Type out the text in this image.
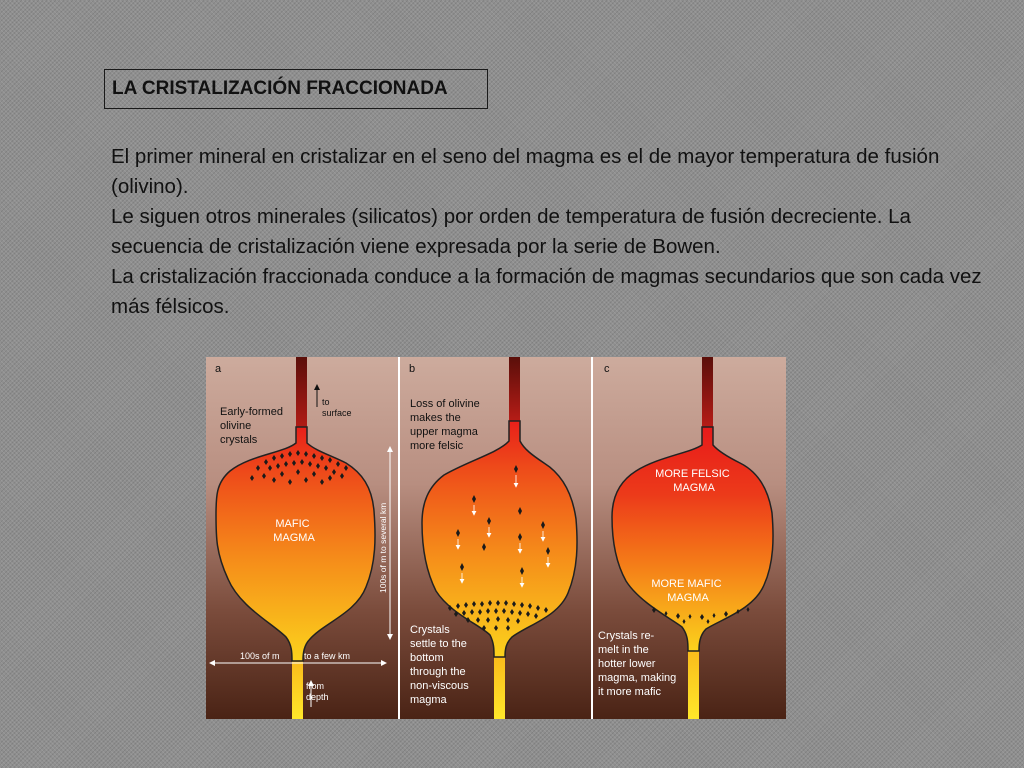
LA CRISTALIZACIÓN FRACCIONADA

El primer mineral en cristalizar en el seno del magma es el de mayor temperatura de fusión (olivino).

Le siguen otros minerales (silicatos) por orden de temperatura de fusión decreciente. La secuencia de cristalización viene expresada por la serie de Bowen.

La cristalización fraccionada conduce a la formación de magmas secundarios que son cada vez más félsicos.

a
Early-formed olivine crystals
to surface
MAFIC MAGMA
100s of m	to a few km
from depth
b
Loss of olivine makes the upper magma more felsic
100s of m to several km
Crystals settle to the bottom through the non-viscous magma
c
MORE FELSIC MAGMA
MORE MAFIC MAGMA
Crystals re- melt in the hotter lower magma, making it more mafic
